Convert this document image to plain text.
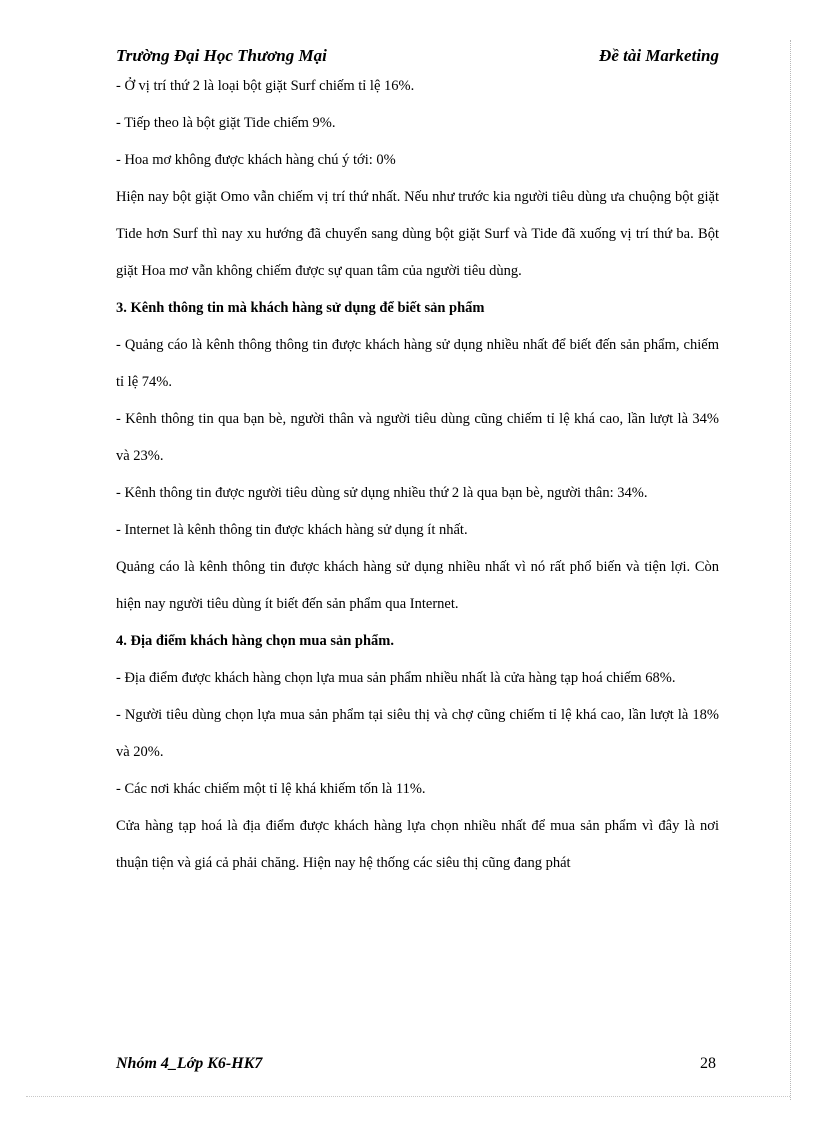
Trường Đại Học Thương Mại	Đề tài Marketing

- Ở vị trí thứ 2 là loại bột giặt Surf chiếm tỉ lệ 16%.

- Tiếp theo là bột giặt Tide chiếm 9%.

- Hoa mơ không được khách hàng chú ý tới: 0%

Hiện nay bột giặt Omo vẫn chiếm vị trí thứ nhất. Nếu như trước kia người tiêu dùng ưa chuộng bột giặt Tide hơn Surf thì nay xu hướng đã chuyển sang dùng bột giặt Surf và Tide đã xuống vị trí thứ ba. Bột giặt Hoa mơ vẫn không chiếm được sự quan tâm của người tiêu dùng.

3. Kênh thông tin mà khách hàng sử dụng để biết sản phẩm

- Quảng cáo là kênh thông thông tin được khách hàng sử dụng nhiều nhất để biết đến sản phẩm, chiếm tỉ lệ 74%.

- Kênh thông tin qua bạn bè, người thân và người tiêu dùng cũng chiếm tỉ lệ khá cao, lần lượt là 34% và 23%.

- Kênh thông tin được người tiêu dùng sử dụng nhiều thứ 2 là qua bạn bè, người thân: 34%.

- Internet là kênh thông tin được khách hàng sử dụng ít nhất.

Quảng cáo là kênh thông tin được khách hàng sử dụng nhiều nhất vì nó rất phổ biến và tiện lợi. Còn hiện nay người tiêu dùng ít biết đến sản phẩm qua Internet.

4. Địa điểm khách hàng chọn mua sản phẩm.

- Địa điểm được khách hàng chọn lựa mua sản phẩm nhiều nhất là cửa hàng tạp hoá chiếm 68%.

- Người tiêu dùng chọn lựa mua sản phẩm tại siêu thị và chợ cũng chiếm tỉ lệ khá cao, lần lượt là 18% và 20%.

- Các nơi khác chiếm một tỉ lệ khá khiếm tốn là 11%.

Cửa hàng tạp hoá là địa điểm được khách hàng lựa chọn nhiều nhất để mua sản phẩm vì đây là nơi thuận tiện và giá cả phải chăng. Hiện nay hệ thống các siêu thị cũng đang phát

Nhóm 4_Lớp K6-HK7	28
